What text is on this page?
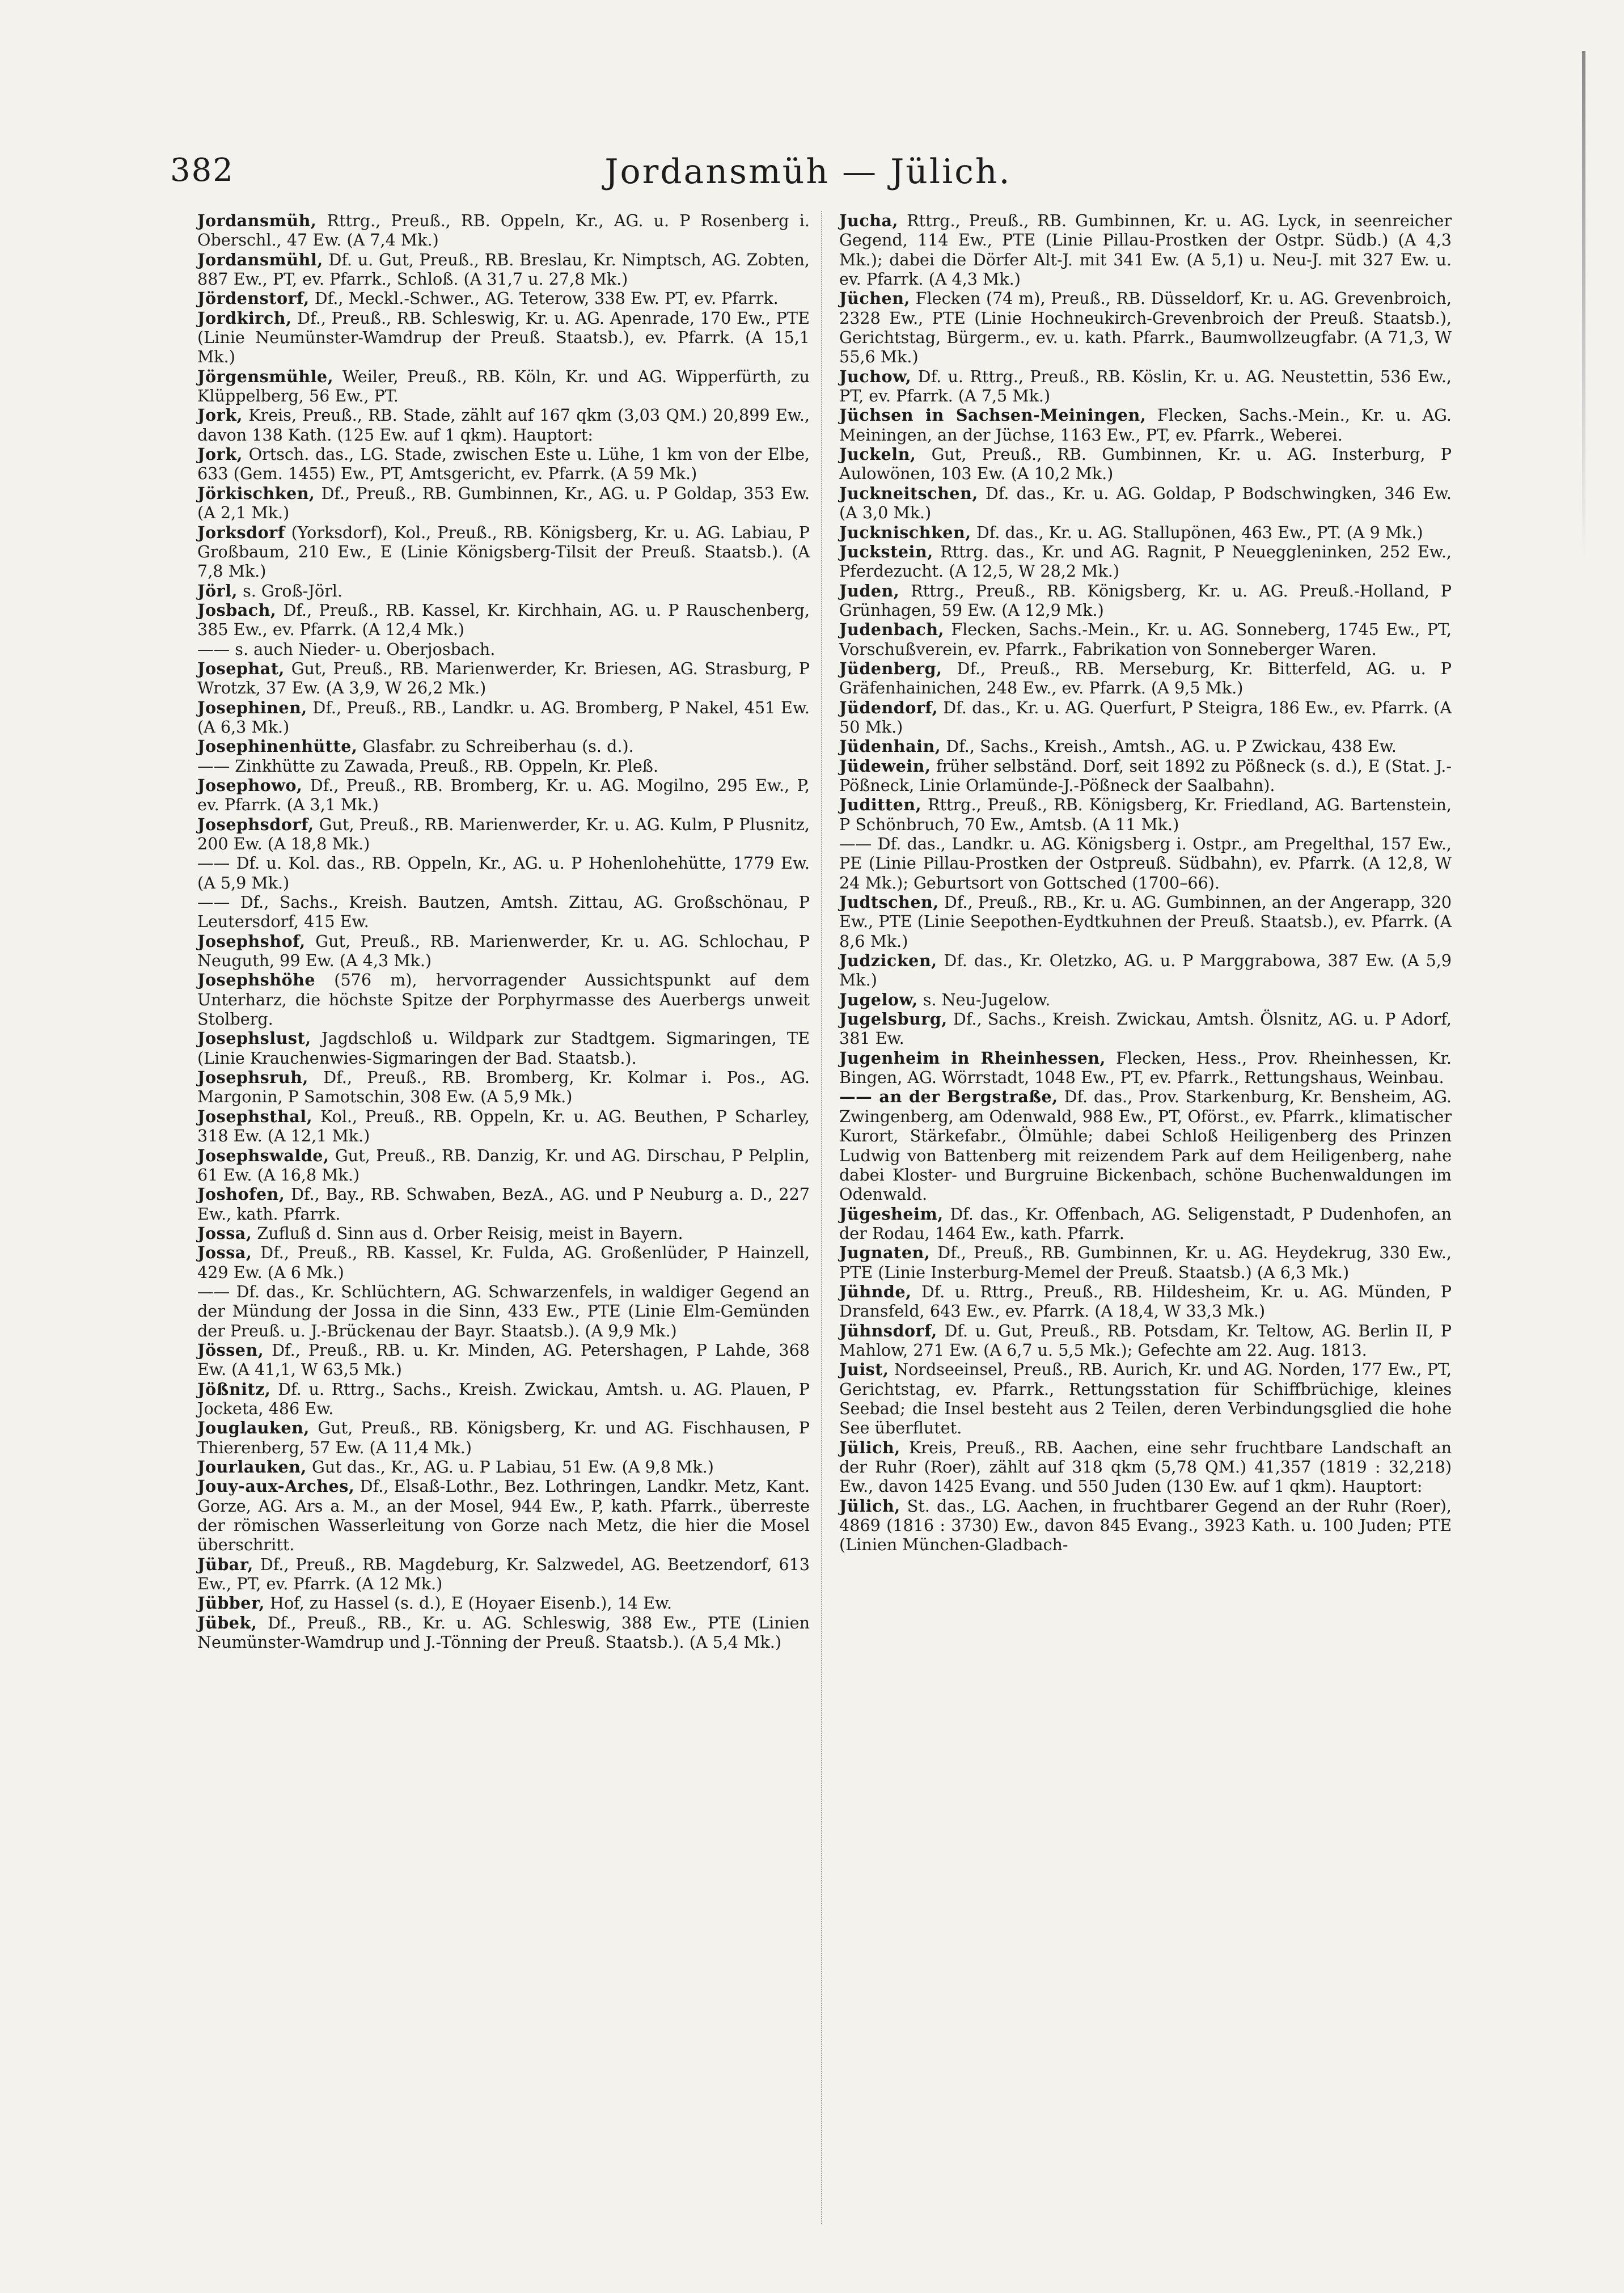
382	Jordansmüh — Jülich.

Jordansmüh, Rttrg., Preuß., RB. Oppeln, Kr., AG. u. P Rosenberg i. Oberschl., 47 Ew. (A 7,4 Mk.)

Jordansmühl, Df. u. Gut, Preuß., RB. Breslau, Kr. Nimptsch, AG. Zobten, 887 Ew., PT, ev. Pfarrk., Schloß. (A 31,7 u. 27,8 Mk.)

Jördenstorf, Df., Meckl.-Schwer., AG. Teterow, 338 Ew. PT, ev. Pfarrk.

Jordkirch, Df., Preuß., RB. Schleswig, Kr. u. AG. Apenrade, 170 Ew., PTE (Linie Neumünster-Wamdrup der Preuß. Staatsb.), ev. Pfarrk. (A 15,1 Mk.)

Jörgensmühle, Weiler, Preuß., RB. Köln, Kr. und AG. Wipperfürth, zu Klüppelberg, 56 Ew., PT.

Jork, Kreis, Preuß., RB. Stade, zählt auf 167 qkm (3,03 QM.) 20,899 Ew., davon 138 Kath. (125 Ew. auf 1 qkm). Hauptort:

Jork, Ortsch. das., LG. Stade, zwischen Este u. Lühe, 1 km von der Elbe, 633 (Gem. 1455) Ew., PT, Amtsgericht, ev. Pfarrk. (A 59 Mk.)

Jörkischken, Df., Preuß., RB. Gumbinnen, Kr., AG. u. P Goldap, 353 Ew. (A 2,1 Mk.)

Jorksdorf (Yorksdorf), Kol., Preuß., RB. Königsberg, Kr. u. AG. Labiau, P Großbaum, 210 Ew., E (Linie Königsberg-Tilsit der Preuß. Staatsb.). (A 7,8 Mk.)

Jörl, s. Groß-Jörl.

Josbach, Df., Preuß., RB. Kassel, Kr. Kirchhain, AG. u. P Rauschenberg, 385 Ew., ev. Pfarrk. (A 12,4 Mk.)

—— s. auch Nieder- u. Oberjosbach.

Josephat, Gut, Preuß., RB. Marienwerder, Kr. Briesen, AG. Strasburg, P Wrotzk, 37 Ew. (A 3,9, W 26,2 Mk.)

Josephinen, Df., Preuß., RB., Landkr. u. AG. Bromberg, P Nakel, 451 Ew. (A 6,3 Mk.)

Josephinenhütte, Glasfabr. zu Schreiberhau (s. d.).

—— Zinkhütte zu Zawada, Preuß., RB. Oppeln, Kr. Pleß.

Josephowo, Df., Preuß., RB. Bromberg, Kr. u. AG. Mogilno, 295 Ew., P, ev. Pfarrk. (A 3,1 Mk.)

Josephsdorf, Gut, Preuß., RB. Marienwerder, Kr. u. AG. Kulm, P Plusnitz, 200 Ew. (A 18,8 Mk.)

—— Df. u. Kol. das., RB. Oppeln, Kr., AG. u. P Hohenlohehütte, 1779 Ew. (A 5,9 Mk.)

—— Df., Sachs., Kreish. Bautzen, Amtsh. Zittau, AG. Großschönau, P Leutersdorf, 415 Ew.

Josephshof, Gut, Preuß., RB. Marienwerder, Kr. u. AG. Schlochau, P Neuguth, 99 Ew. (A 4,3 Mk.)

Josephshöhe (576 m), hervorragender Aussichtspunkt auf dem Unterharz, die höchste Spitze der Porphyrmasse des Auerbergs unweit Stolberg.

Josephslust, Jagdschloß u. Wildpark zur Stadtgem. Sigmaringen, TE (Linie Krauchenwies-Sigmaringen der Bad. Staatsb.).

Josephsruh, Df., Preuß., RB. Bromberg, Kr. Kolmar i. Pos., AG. Margonin, P Samotschin, 308 Ew. (A 5,9 Mk.)

Josephsthal, Kol., Preuß., RB. Oppeln, Kr. u. AG. Beuthen, P Scharley, 318 Ew. (A 12,1 Mk.)

Josephswalde, Gut, Preuß., RB. Danzig, Kr. und AG. Dirschau, P Pelplin, 61 Ew. (A 16,8 Mk.)

Joshofen, Df., Bay., RB. Schwaben, BezA., AG. und P Neuburg a. D., 227 Ew., kath. Pfarrk.

Jossa, Zufluß d. Sinn aus d. Orber Reisig, meist in Bayern.

Jossa, Df., Preuß., RB. Kassel, Kr. Fulda, AG. Großenlüder, P Hainzell, 429 Ew. (A 6 Mk.)

—— Df. das., Kr. Schlüchtern, AG. Schwarzenfels, in waldiger Gegend an der Mündung der Jossa in die Sinn, 433 Ew., PTE (Linie Elm-Gemünden der Preuß. u. J.-Brückenau der Bayr. Staatsb.). (A 9,9 Mk.)

Jössen, Df., Preuß., RB. u. Kr. Minden, AG. Petershagen, P Lahde, 368 Ew. (A 41,1, W 63,5 Mk.)

Jößnitz, Df. u. Rttrg., Sachs., Kreish. Zwickau, Amtsh. u. AG. Plauen, P Jocketa, 486 Ew.

Jouglauken, Gut, Preuß., RB. Königsberg, Kr. und AG. Fischhausen, P Thierenberg, 57 Ew. (A 11,4 Mk.)

Jourlauken, Gut das., Kr., AG. u. P Labiau, 51 Ew. (A 9,8 Mk.)

Jouy-aux-Arches, Df., Elsaß-Lothr., Bez. Lothringen, Landkr. Metz, Kant. Gorze, AG. Ars a. M., an der Mosel, 944 Ew., P, kath. Pfarrk., überreste der römischen Wasserleitung von Gorze nach Metz, die hier die Mosel überschritt.

Jübar, Df., Preuß., RB. Magdeburg, Kr. Salzwedel, AG. Beetzendorf, 613 Ew., PT, ev. Pfarrk. (A 12 Mk.)

Jübber, Hof, zu Hassel (s. d.), E (Hoyaer Eisenb.), 14 Ew.

Jübek, Df., Preuß., RB., Kr. u. AG. Schleswig, 388 Ew., PTE (Linien Neumünster-Wamdrup und J.-Tönning der Preuß. Staatsb.). (A 5,4 Mk.)

Jucha, Rttrg., Preuß., RB. Gumbinnen, Kr. u. AG. Lyck, in seenreicher Gegend, 114 Ew., PTE (Linie Pillau-Prostken der Ostpr. Südb.) (A 4,3 Mk.); dabei die Dörfer Alt-J. mit 341 Ew. (A 5,1) u. Neu-J. mit 327 Ew. u. ev. Pfarrk. (A 4,3 Mk.)

Jüchen, Flecken (74 m), Preuß., RB. Düsseldorf, Kr. u. AG. Grevenbroich, 2328 Ew., PTE (Linie Hochneukirch-Grevenbroich der Preuß. Staatsb.), Gerichtstag, Bürgerm., ev. u. kath. Pfarrk., Baumwollzeugfabr. (A 71,3, W 55,6 Mk.)

Juchow, Df. u. Rttrg., Preuß., RB. Köslin, Kr. u. AG. Neustettin, 536 Ew., PT, ev. Pfarrk. (A 7,5 Mk.)

Jüchsen in Sachsen-Meiningen, Flecken, Sachs.-Mein., Kr. u. AG. Meiningen, an der Jüchse, 1163 Ew., PT, ev. Pfarrk., Weberei.

Juckeln, Gut, Preuß., RB. Gumbinnen, Kr. u. AG. Insterburg, P Aulowönen, 103 Ew. (A 10,2 Mk.)

Juckneitschen, Df. das., Kr. u. AG. Goldap, P Bodschwingken, 346 Ew. (A 3,0 Mk.)

Jucknischken, Df. das., Kr. u. AG. Stallupönen, 463 Ew., PT. (A 9 Mk.)

Juckstein, Rttrg. das., Kr. und AG. Ragnit, P Neueggleninken, 252 Ew., Pferdezucht. (A 12,5, W 28,2 Mk.)

Juden, Rttrg., Preuß., RB. Königsberg, Kr. u. AG. Preuß.-Holland, P Grünhagen, 59 Ew. (A 12,9 Mk.)

Judenbach, Flecken, Sachs.-Mein., Kr. u. AG. Sonneberg, 1745 Ew., PT, Vorschußverein, ev. Pfarrk., Fabrikation von Sonneberger Waren.

Jüdenberg, Df., Preuß., RB. Merseburg, Kr. Bitterfeld, AG. u. P Gräfenhainichen, 248 Ew., ev. Pfarrk. (A 9,5 Mk.)

Jüdendorf, Df. das., Kr. u. AG. Querfurt, P Steigra, 186 Ew., ev. Pfarrk. (A 50 Mk.)

Jüdenhain, Df., Sachs., Kreish., Amtsh., AG. u. P Zwickau, 438 Ew.

Jüdewein, früher selbständ. Dorf, seit 1892 zu Pößneck (s. d.), E (Stat. J.-Pößneck, Linie Orlamünde-J.-Pößneck der Saalbahn).

Juditten, Rttrg., Preuß., RB. Königsberg, Kr. Friedland, AG. Bartenstein, P Schönbruch, 70 Ew., Amtsb. (A 11 Mk.)

—— Df. das., Landkr. u. AG. Königsberg i. Ostpr., am Pregelthal, 157 Ew., PE (Linie Pillau-Prostken der Ostpreuß. Südbahn), ev. Pfarrk. (A 12,8, W 24 Mk.); Geburtsort von Gottsched (1700–66).

Judtschen, Df., Preuß., RB., Kr. u. AG. Gumbinnen, an der Angerapp, 320 Ew., PTE (Linie Seepothen-Eydtkuhnen der Preuß. Staatsb.), ev. Pfarrk. (A 8,6 Mk.)

Judzicken, Df. das., Kr. Oletzko, AG. u. P Marggrabowa, 387 Ew. (A 5,9 Mk.)

Jugelow, s. Neu-Jugelow.

Jugelsburg, Df., Sachs., Kreish. Zwickau, Amtsh. Ölsnitz, AG. u. P Adorf, 381 Ew.

Jugenheim in Rheinhessen, Flecken, Hess., Prov. Rheinhessen, Kr. Bingen, AG. Wörrstadt, 1048 Ew., PT, ev. Pfarrk., Rettungshaus, Weinbau.

—— an der Bergstraße, Df. das., Prov. Starkenburg, Kr. Bensheim, AG. Zwingenberg, am Odenwald, 988 Ew., PT, Oförst., ev. Pfarrk., klimatischer Kurort, Stärkefabr., Ölmühle; dabei Schloß Heiligenberg des Prinzen Ludwig von Battenberg mit reizendem Park auf dem Heiligenberg, nahe dabei Kloster- und Burgruine Bickenbach, schöne Buchenwaldungen im Odenwald.

Jügesheim, Df. das., Kr. Offenbach, AG. Seligenstadt, P Dudenhofen, an der Rodau, 1464 Ew., kath. Pfarrk.

Jugnaten, Df., Preuß., RB. Gumbinnen, Kr. u. AG. Heydekrug, 330 Ew., PTE (Linie Insterburg-Memel der Preuß. Staatsb.) (A 6,3 Mk.)

Jühnde, Df. u. Rttrg., Preuß., RB. Hildesheim, Kr. u. AG. Münden, P Dransfeld, 643 Ew., ev. Pfarrk. (A 18,4, W 33,3 Mk.)

Jühnsdorf, Df. u. Gut, Preuß., RB. Potsdam, Kr. Teltow, AG. Berlin II, P Mahlow, 271 Ew. (A 6,7 u. 5,5 Mk.); Gefechte am 22. Aug. 1813.

Juist, Nordseeinsel, Preuß., RB. Aurich, Kr. und AG. Norden, 177 Ew., PT, Gerichtstag, ev. Pfarrk., Rettungsstation für Schiffbrüchige, kleines Seebad; die Insel besteht aus 2 Teilen, deren Verbindungsglied die hohe See überflutet.

Jülich, Kreis, Preuß., RB. Aachen, eine sehr fruchtbare Landschaft an der Ruhr (Roer), zählt auf 318 qkm (5,78 QM.) 41,357 (1819 : 32,218) Ew., davon 1425 Evang. und 550 Juden (130 Ew. auf 1 qkm). Hauptort:

Jülich, St. das., LG. Aachen, in fruchtbarer Gegend an der Ruhr (Roer), 4869 (1816 : 3730) Ew., davon 845 Evang., 3923 Kath. u. 100 Juden; PTE (Linien München-Gladbach-
